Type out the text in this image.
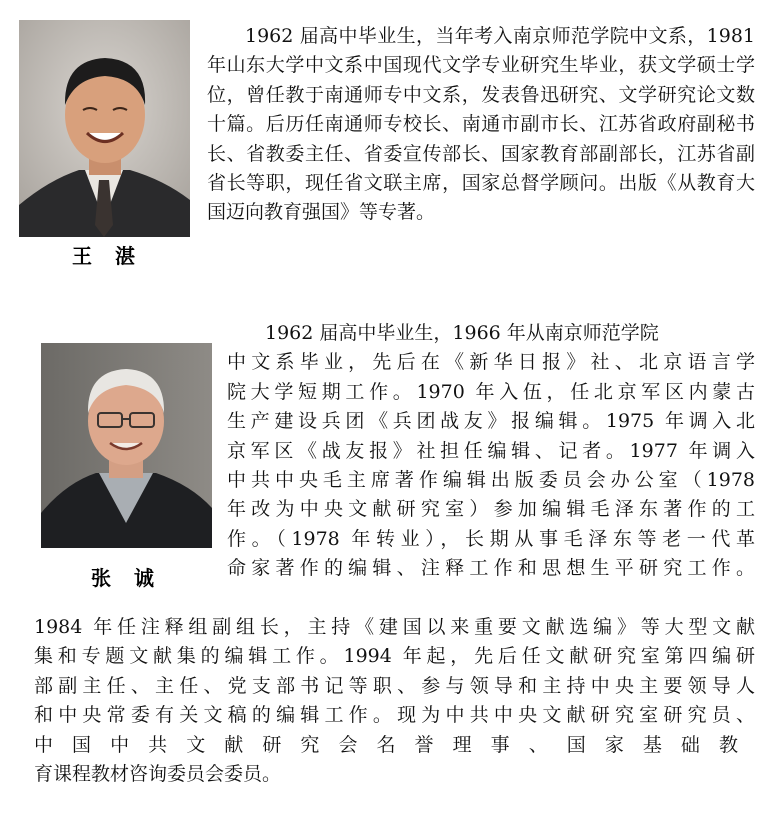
王 湛

1962 届高中毕业生，当年考入南京师范学院中文系，1981 年山东大学中文系中国现代文学专业研究生毕业，获文学硕士学位，曾任教于南通师专中文系，发表鲁迅研究、文学研究论文数十篇。后历任南通师专校长、南通市副市长、江苏省政府副秘书长、省教委主任、省委宣传部长、国家教育部副部长，江苏省副省长等职，现任省文联主席，国家总督学顾问。出版《从教育大国迈向教育强国》等专著。

张 诚
1962 届高中毕业生，1966 年从南京师范学院
中文系毕业，先后在《新华日报》社、北京语言学
院大学短期工作。1970 年入伍，任北京军区内蒙古
生产建设兵团《兵团战友》报编辑。1975 年调入北
京军区《战友报》社担任编辑、记者。1977 年调入
中共中央毛主席著作编辑出版委员会办公室（1978
年改为中央文献研究室）参加编辑毛泽东著作的工
作。（1978 年转业），长期从事毛泽东等老一代革
命家著作的编辑、注释工作和思想生平研究工作。
1984 年任注释组副组长，主持《建国以来重要文献选编》等大型文献
集和专题文献集的编辑工作。1994 年起，先后任文献研究室第四编研
部副主任、主任、党支部书记等职、参与领导和主持中央主要领导人
和中央常委有关文稿的编辑工作。现为中共中央文献研究室研究员、
中国中共文献研究会名誉理事、国家基础教
育课程教材咨询委员会委员。
